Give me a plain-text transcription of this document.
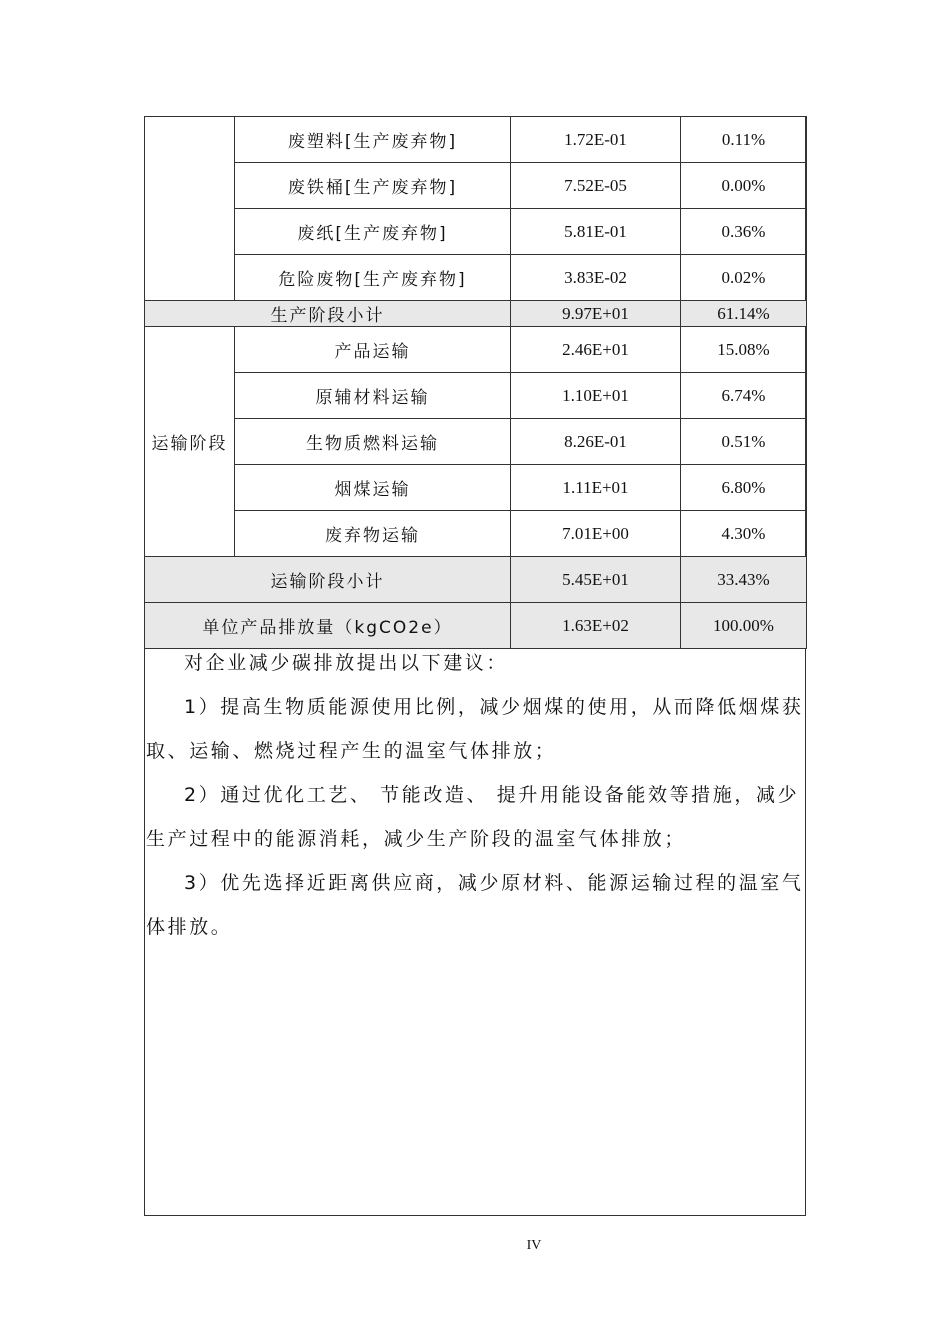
	废塑料[生产废弃物]	1.72E-01	0.11%
	废铁桶[生产废弃物]	7.52E-05	0.00%
	废纸[生产废弃物]	5.81E-01	0.36%
	危险废物[生产废弃物]	3.83E-02	0.02%
生产阶段小计		9.97E+01	61.14%
运输阶段	产品运输	2.46E+01	15.08%
	原辅材料运输	1.10E+01	6.74%
	生物质燃料运输	8.26E-01	0.51%
	烟煤运输	1.11E+01	6.80%
	废弃物运输	7.01E+00	4.30%
运输阶段小计		5.45E+01	33.43%
单位产品排放量（kgCO2e）		1.63E+02	100.00%

对企业减少碳排放提出以下建议：

1）提高生物质能源使用比例，减少烟煤的使用，从而降低烟煤获取、运输、燃烧过程产生的温室气体排放；

2）通过优化工艺、 节能改造、 提升用能设备能效等措施，减少生产过程中的能源消耗，减少生产阶段的温室气体排放；

3）优先选择近距离供应商，减少原材料、能源运输过程的温室气体排放。

IV
